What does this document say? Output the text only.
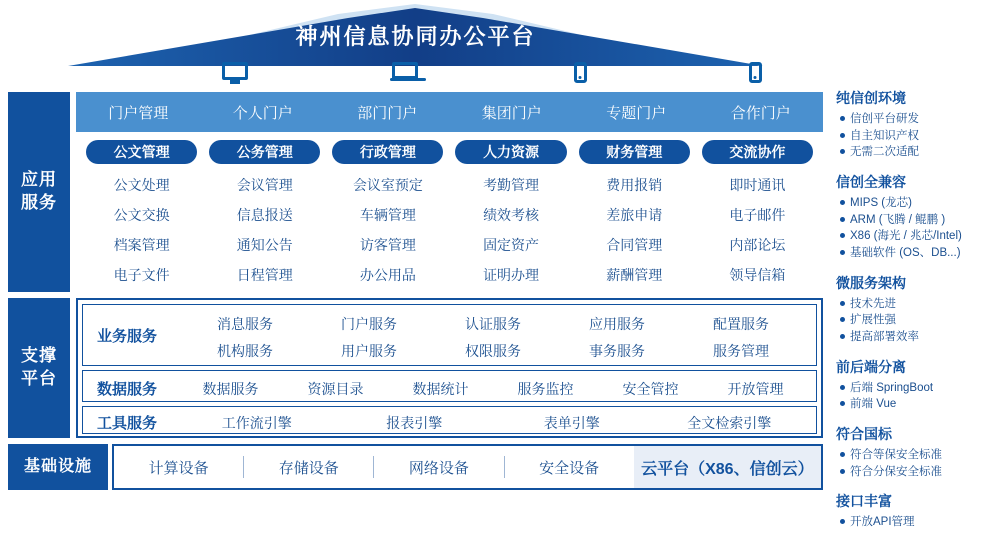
神州信息协同办公平台
应用
服务
支撑
平台
基础设施
门户管理	个人门户	部门门户	集团门户	专题门户	合作门户
公文管理	公务管理	行政管理	人力资源	财务管理	交流协作
公文处理	会议管理	会议室预定	考勤管理	费用报销	即时通讯
公文交换	信息报送	车辆管理	绩效考核	差旅申请	电子邮件
档案管理	通知公告	访客管理	固定资产	合同管理	内部论坛
电子文件	日程管理	办公用品	证明办理	薪酬管理	领导信箱
业务服务
消息服务	门户服务	认证服务	应用服务	配置服务
机构服务	用户服务	权限服务	事务服务	服务管理
数据服务	数据服务	资源目录	数据统计	服务监控	安全管控	开放管理
工具服务	工作流引擎	报表引擎	表单引擎	全文检索引擎
计算设备	存储设备	网络设备	安全设备	云平台（X86、信创云）
纯信创环境
信创平台研发
自主知识产权
无需二次适配
信创全兼容
MIPS (龙芯)
ARM (飞腾 / 鲲鹏 )
X86 (海光 / 兆芯/Intel)
基础软件 (OS、DB...)
微服务架构
技术先进
扩展性强
提高部署效率
前后端分离
后端 SpringBoot
前端 Vue
符合国标
符合等保安全标准
符合分保安全标准
接口丰富
开放API管理
